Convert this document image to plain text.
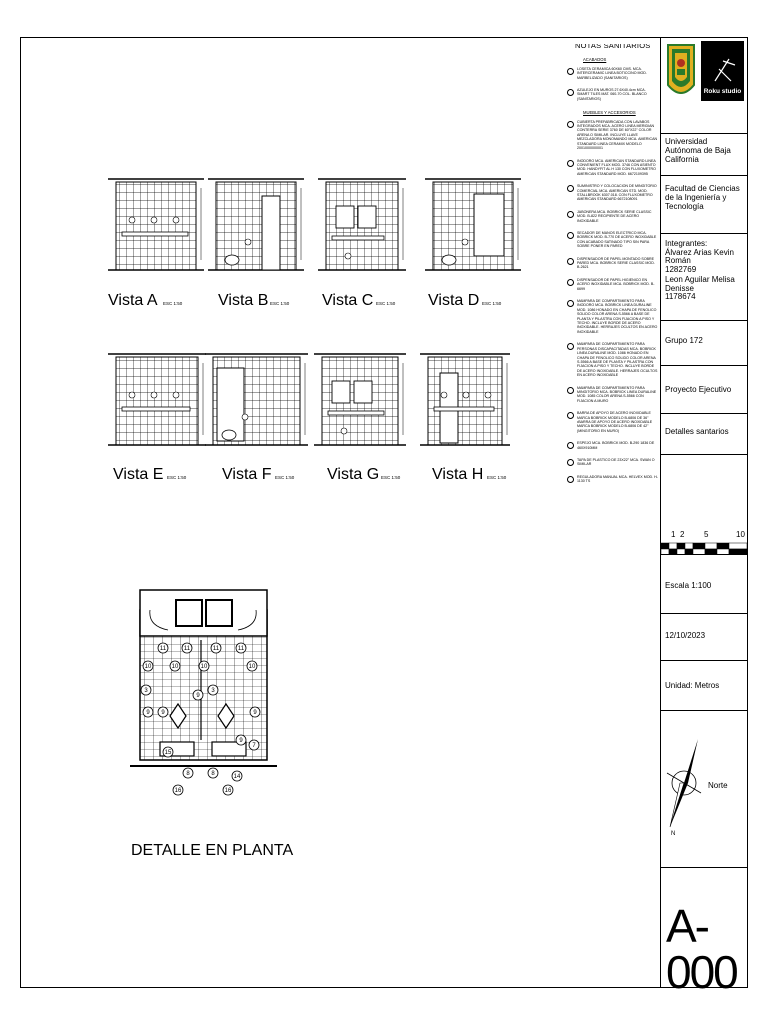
11	11	11	11
10	10	10	10
9
9
9
9
9
3	3
7
15
8
16	16
8	14
Vista A ESC 1:50 Vista B ESC 1:50 Vista C ESC 1:50 Vista D ESC 1:50
Vista E ESC 1:50 Vista F ESC 1:50 Vista G ESC 1:50 Vista H ESC 1:50
DETALLE EN PLANTA
NOTAS SANITARIOS
ACABADOS
LOSETA CERAMICA 60X60 CMS. MCA. INTERCERAMIC LINEA BOTICCINO MOD. MARBELIZADO (SANITARIOS)
AZULEJO EN MUROS 27.6X40.4cm MCA. SMART TILES MAT. 060-70 COL. BLANCO (SANITARIOS)
MUEBLES Y ACCESORIOS
CUBIERTA PREFABRICADA CON LAVABOS INTEGRADOS MCA. ACERO LINEA MERIDIAN CONTERRA SERIE 3760 DE 60"X22" COLOR ARENA O SIMILAR. INCLUYE LLAVE MEZCLADORA MONOMANDO MCA. AMERICAN STANDARD LINEA CERAMIX MODELO 2001000000001
INODORO MCA. AMERICAN STANDARD LINEA CONVENIENT FLUX MOD. 3746 CON ASIENTO MOD. HANDYFIT AL H 130 CON FLUXOMETRO AMERICAN STANDARD MOD. 6672109395
SUMINISTRO Y COLOCACION DE MINGITORIO COMERCIAL MCA. AMERICAN STD. MOD. STALLBROOK 6307.018. CON FLUXOMETRO AMERICAN STANDARD 6672108091
JABONERA MCA. BOBRICK SERIE CLASSIC MOD. B-822 RECIPIENTE DE ACERO INOXIDABLE
SECADOR DE MANOS ELECTRICO MCA. BOBRICK MOD. B-770 DE ACERO INOXIDABLE CON ACABADO SATINADO TIPO SIN PARA SOBRE PONER EN PARED
DISPENSADOR DE PAPEL MONTADO SOBRE PARED MCA. BOBRICK SERIE CLASSIC MOD. B-2621
DISPENSADOR DE PAPEL HIGIENICO EN ACERO INOXIDABLE MCA. BOBRICK MOD. B-6699
MAMPARA DE COMPARTIMIENTO PARA INODORO MCA. BOBRICK LINEA DURALINE MOD. 1086 HONADO EN CHAPA DE FENOLICO SOLIDO COLOR ARENA S-5566 A BASE DE PLANTA Y PILASTRA CON FIJACION A PISO Y TECHO. INCLUYE BORDE DE ACERO INOXIDABLE. HERRAJES OCULTOS EN ACERO INOXIDABLE
MAMPARA DE COMPARTIMIENTO PARA PERSONAS DISCAPACITADAS MCA. BOBRICK LINEA DURALINE MOD. 1086 HONADO EN CHAPA DE FENOLICO SOLIDO COLOR ARENA S-5566 A BASE DE PLANTA Y PILASTRA CON FIJACION A PISO Y TECHO. INCLUYE BORDE DE ACERO INOXIDABLE. HERRAJES OCULTOS EN ACERO INOXIDABLE
MAMPARA DE COMPARTIMIENTO PARA MINGITORIO MCA. BOBRICK LINEA DURALINE MOD. 1085 COLOR ARENA S-5566 CON FIJACION A MURO
BARRA DE APOYO DE ACERO INOXIDABLE MARCA BOBRICK MODELO B-6806 DE 36" •BARRA DE APOYO DE ACERO INOXIDABLE MARCA BOBRICK MODELO B-6806 DE 42" (MINGITORIO EN MURO)
ESPEJO MCA. BOBRICK MOD. B-290 1836 DE 460X910MM
TAPA DE PLASTICO DE 23X22" MCA. SWAN O SIMILAR
REGULADORA MANUAL MCA. HELVEX MOD. H-1130 TS
Roku studio
Universidad Autónoma de Baja California
Facultad de Ciencias de la Ingeniería y Tecnología
Integrantes:
Álvarez Arias Kevin Román
1282769
Leon Aguilar Melisa Denisse
1178674
Grupo 172
Proyecto Ejecutivo
Detalles santarios
1 2 5	10
Escala 1:100
12/10/2023
Unidad: Metros
N
Norte
A-000
